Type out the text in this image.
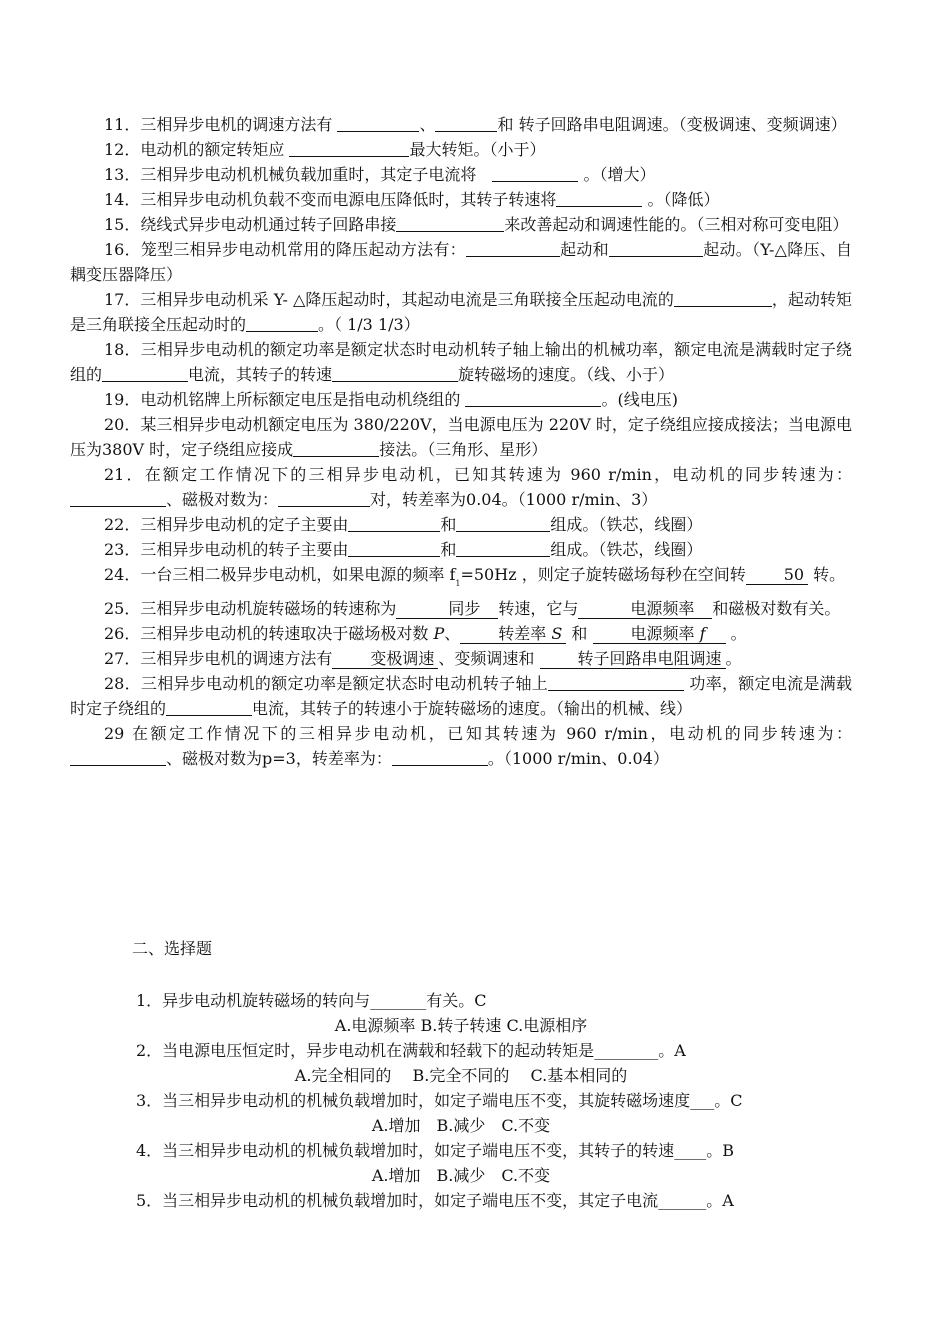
11．三相异步电机的调速方法有	、	和 转子回路串电阻调速。（变极调速、变频调速）

12．电动机的额定转矩应	最大转矩。（小于）

13．三相异步电动机机械负载加重时，其定子电流将　	。（增大）

14．三相异步电动机负载不变而电源电压降低时，其转子转速将	。（降低）

15．绕线式异步电动机通过转子回路串接	来改善起动和调速性能的。（三相对称可变电阻）

16．笼型三相异步电动机常用的降压起动方法有：	起动和	起动。（Y-△降压、自耦变压器降压）

17．三相异步电动机采 Y- △降压起动时，其起动电流是三角联接全压起动电流的	，起动转矩是三角联接全压起动时的	。（ 1/3 1/3）

18．三相异步电动机的额定功率是额定状态时电动机转子轴上输出的机械功率，额定电流是满载时定子绕组的	电流，其转子的转速	旋转磁场的速度。（线、小于）

19．电动机铭牌上所标额定电压是指电动机绕组的	。(线电压)

20．某三相异步电动机额定电压为 380/220V，当电源电压为 220V 时，定子绕组应接成接法；当电源电压为380V 时，定子绕组应接成	接法。（三角形、星形）

21．在额定工作情况下的三相异步电动机，已知其转速为 960 r/min，电动机的同步转速为：、磁极对数为：	对，转差率为0.04。（1000 r/min、3）

22．三相异步电动机的定子主要由	和	组成。（铁芯，线圈）

23．三相异步电动机的转子主要由	和	组成。（铁芯，线圈）

24．一台三相二极异步电动机，如果电源的频率 $f_1=50Hz$ ，则定子旋转磁场每秒在空间转 50 转。

25．三相异步电动机旋转磁场的转速称为	同步 转速，它与	电源频率 和磁极对数有关。

26．三相异步电动机的转速取决于磁场极对数 P、 转差率 S 和	电源频率 f　 。

27．三相异步电机的调速方法有 变极调速 、变频调速和	转子回路串电阻调速 。

28．三相异步电动机的额定功率是额定状态时电动机转子轴上	功率，额定电流是满载时定子绕组的	电流，其转子的转速小于旋转磁场的速度。（输出的机械、线）

29 在额定工作情况下的三相异步电动机，已知其转速为 960 r/min，电动机的同步转速为：、磁极对数为p=3，转差率为：	。（1000 r/min、0.04）

二、选择题

1．异步电动机旋转磁场的转向与_______有关。C

A.电源频率 B.转子转速 C.电源相序

2．当电源电压恒定时，异步电动机在满载和轻载下的起动转矩是________。A

A.完全相同的　 B.完全不同的　 C.基本相同的

3．当三相异步电动机的机械负载增加时，如定子端电压不变，其旋转磁场速度___。C

A.增加　B.减少　C.不变

4．当三相异步电动机的机械负载增加时，如定子端电压不变，其转子的转速____。B

A.增加　B.减少　C.不变

5．当三相异步电动机的机械负载增加时，如定子端电压不变，其定子电流______。A
